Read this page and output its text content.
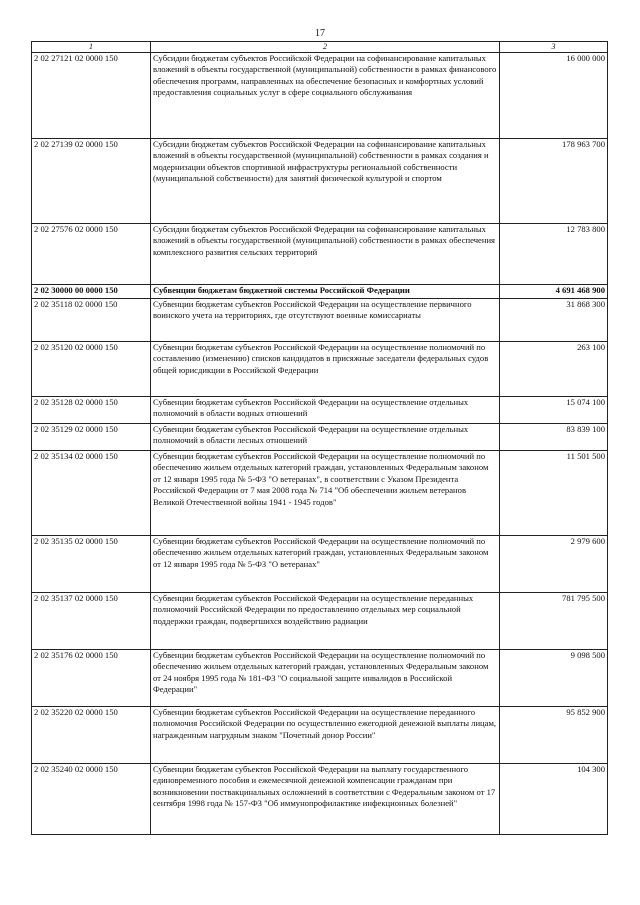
17
1	2	3
2 02 27121 02 0000 150	Субсидии бюджетам субъектов Российской Федерации на софинансирование капитальных вложений в объекты государственной (муниципальной) собственности в рамках финансового обеспечения программ, направленных на обеспечение безопасных и комфортных условий предоставления социальных услуг в сфере социального обслуживания	16 000 000
2 02 27139 02 0000 150	Субсидии бюджетам субъектов Российской Федерации на софинансирование капитальных вложений в объекты государственной (муниципальной) собственности в рамках создания и модернизации объектов спортивной инфраструктуры региональной собственности (муниципальной собственности) для занятий физической культурой и спортом	178 963 700
2 02 27576 02 0000 150	Субсидии бюджетам субъектов Российской Федерации на софинансирование капитальных вложений в объекты государственной (муниципальной) собственности в рамках обеспечения комплексного развития сельских территорий	12 783 800
2 02 30000 00 0000 150	Субвенции бюджетам бюджетной системы Российской Федерации	4 691 468 900
2 02 35118 02 0000 150	Субвенции бюджетам субъектов Российской Федерации на осуществление первичного воинского учета на территориях, где отсутствуют военные комиссариаты	31 868 300
2 02 35120 02 0000 150	Субвенции бюджетам субъектов Российской Федерации на осуществление полномочий по составлению (изменению) списков кандидатов в присяжные заседатели федеральных судов общей юрисдикции в Российской Федерации	263 100
2 02 35128 02 0000 150	Субвенции бюджетам субъектов Российской Федерации на осуществление отдельных полномочий в области водных отношений	15 074 100
2 02 35129 02 0000 150	Субвенции бюджетам субъектов Российской Федерации на осуществление отдельных полномочий в области лесных отношений	83 839 100
2 02 35134 02 0000 150	Субвенции бюджетам субъектов Российской Федерации на осуществление полномочий по обеспечению жильем отдельных категорий граждан, установленных Федеральным законом от 12 января 1995 года № 5-ФЗ "О ветеранах", в соответствии с Указом Президента Российской Федерации от 7 мая 2008 года № 714 "Об обеспечении жильем ветеранов Великой Отечественной войны 1941 - 1945 годов"	11 501 500
2 02 35135 02 0000 150	Субвенции бюджетам субъектов Российской Федерации на осуществление полномочий по обеспечению жильем отдельных категорий граждан, установленных Федеральным законом от 12 января 1995 года № 5-ФЗ "О ветеранах"	2 979 600
2 02 35137 02 0000 150	Субвенции бюджетам субъектов Российской Федерации на осуществление переданных полномочий Российской Федерации по предоставлению отдельных мер социальной поддержки граждан, подвергшихся воздействию радиации	781 795 500
2 02 35176 02 0000 150	Субвенции бюджетам субъектов Российской Федерации на осуществление полномочий по обеспечению жильем отдельных категорий граждан, установленных Федеральным законом от 24 ноября 1995 года № 181-ФЗ "О социальной защите инвалидов в Российской Федерации"	9 098 500
2 02 35220 02 0000 150	Субвенции бюджетам субъектов Российской Федерации на осуществление переданного полномочия Российской Федерации по осуществлению ежегодной денежной выплаты лицам, награжденным нагрудным знаком "Почетный донор России"	95 852 900
2 02 35240 02 0000 150	Субвенции бюджетам субъектов Российской Федерации на выплату государственного единовременного пособия и ежемесячной денежной компенсации гражданам при возникновении поствакцинальных осложнений в соответствии с Федеральным законом от 17 сентября 1998 года № 157-ФЗ "Об иммунопрофилактике инфекционных болезней"	104 300
